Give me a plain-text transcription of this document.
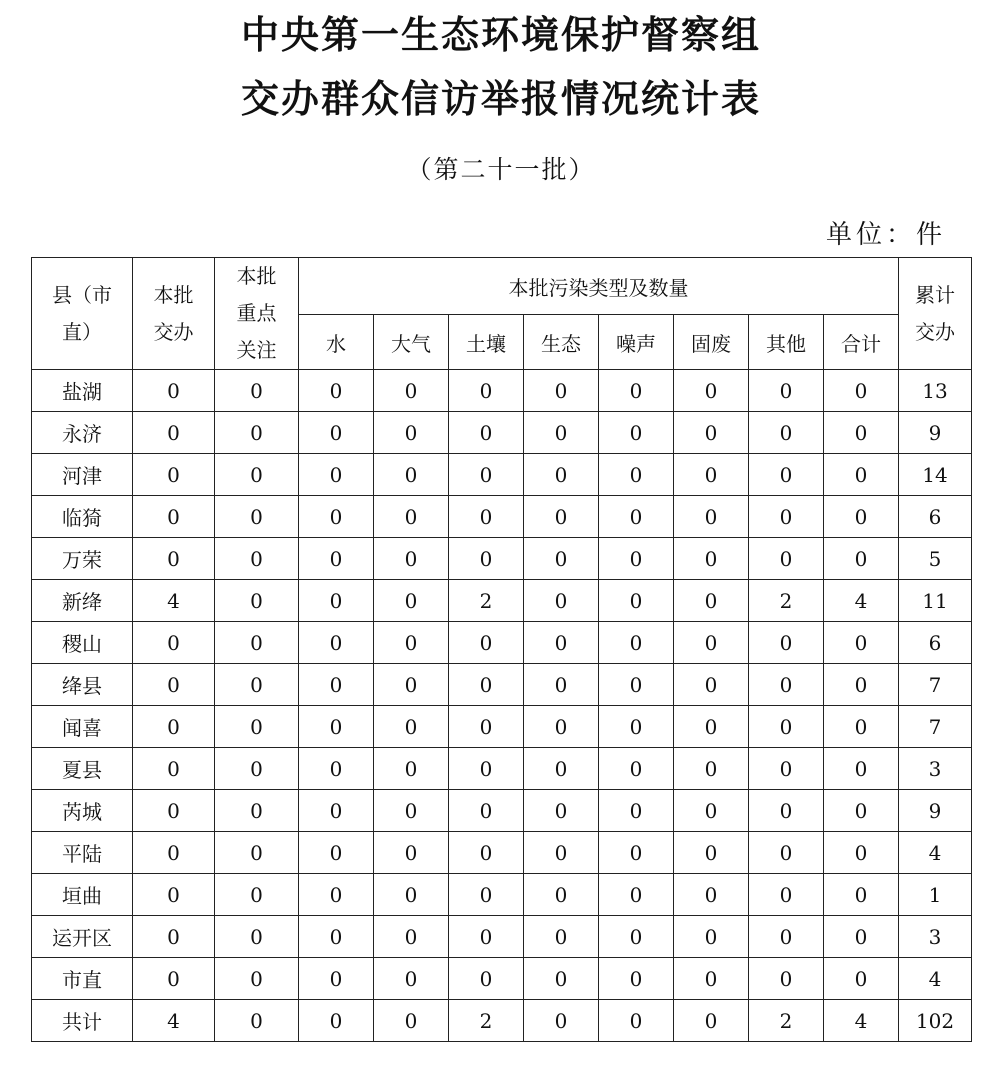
中央第一生态环境保护督察组
交办群众信访举报情况统计表
（第二十一批）
单位：件
县（市直）	本批交办	本批重点关注	本批污染类型及数量								累计交办
			水	大气	土壤	生态	噪声	固废	其他	合计	
盐湖	0	0	0	0	0	0	0	0	0	0	13
永济	0	0	0	0	0	0	0	0	0	0	9
河津	0	0	0	0	0	0	0	0	0	0	14
临猗	0	0	0	0	0	0	0	0	0	0	6
万荣	0	0	0	0	0	0	0	0	0	0	5
新绛	4	0	0	0	2	0	0	0	2	4	11
稷山	0	0	0	0	0	0	0	0	0	0	6
绛县	0	0	0	0	0	0	0	0	0	0	7
闻喜	0	0	0	0	0	0	0	0	0	0	7
夏县	0	0	0	0	0	0	0	0	0	0	3
芮城	0	0	0	0	0	0	0	0	0	0	9
平陆	0	0	0	0	0	0	0	0	0	0	4
垣曲	0	0	0	0	0	0	0	0	0	0	1
运开区	0	0	0	0	0	0	0	0	0	0	3
市直	0	0	0	0	0	0	0	0	0	0	4
共计	4	0	0	0	2	0	0	0	2	4	102
